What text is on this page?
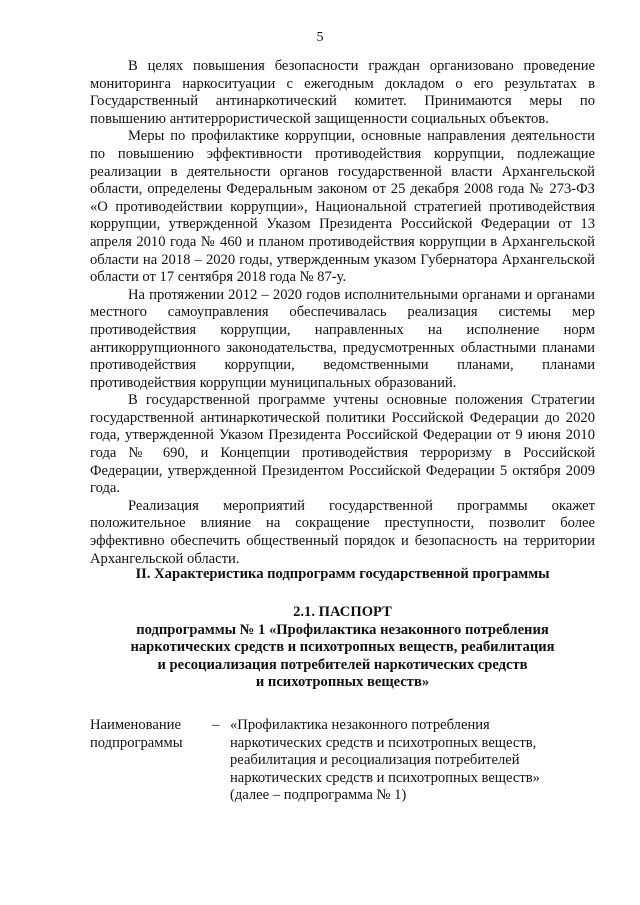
5

В целях повышения безопасности граждан организовано проведение мониторинга наркоситуации с ежегодным докладом о его результатах в Государственный антинаркотический комитет. Принимаются меры по повышению антитеррористической защищенности социальных объектов.

Меры по профилактике коррупции, основные направления деятельности по повышению эффективности противодействия коррупции, подлежащие реализации в деятельности органов государственной власти Архангельской области, определены Федеральным законом от 25 декабря 2008 года № 273-ФЗ «О противодействии коррупции», Национальной стратегией противодействия коррупции, утвержденной Указом Президента Российской Федерации от 13 апреля 2010 года № 460 и планом противодействия коррупции в Архангельской области на 2018 – 2020 годы, утвержденным указом Губернатора Архангельской области от 17 сентября 2018 года № 87-у.

На протяжении 2012 – 2020 годов исполнительными органами и органами местного самоуправления обеспечивалась реализация системы мер противодействия коррупции, направленных на исполнение норм антикоррупционного законодательства, предусмотренных областными планами противодействия коррупции, ведомственными планами, планами противодействия коррупции муниципальных образований.

В государственной программе учтены основные положения Стратегии государственной антинаркотической политики Российской Федерации до 2020 года, утвержденной Указом Президента Российской Федерации от 9 июня 2010 года № 690, и Концепции противодействия терроризму в Российской Федерации, утвержденной Президентом Российской Федерации 5 октября 2009 года.

Реализация мероприятий государственной программы окажет положительное влияние на сокращение преступности, позволит более эффективно обеспечить общественный порядок и безопасность на территории Архангельской области.

II. Характеристика подпрограмм государственной программы
2.1. ПАСПОРТ
подпрограммы № 1 «Профилактика незаконного потребления
наркотических средств и психотропных веществ, реабилитация
и ресоциализация потребителей наркотических средств
и психотропных веществ»
Наименование
подпрограммы
– «Профилактика незаконного потребления
наркотических средств и психотропных веществ,
реабилитация и ресоциализация потребителей
наркотических средств и психотропных веществ»
(далее – подпрограмма № 1)
